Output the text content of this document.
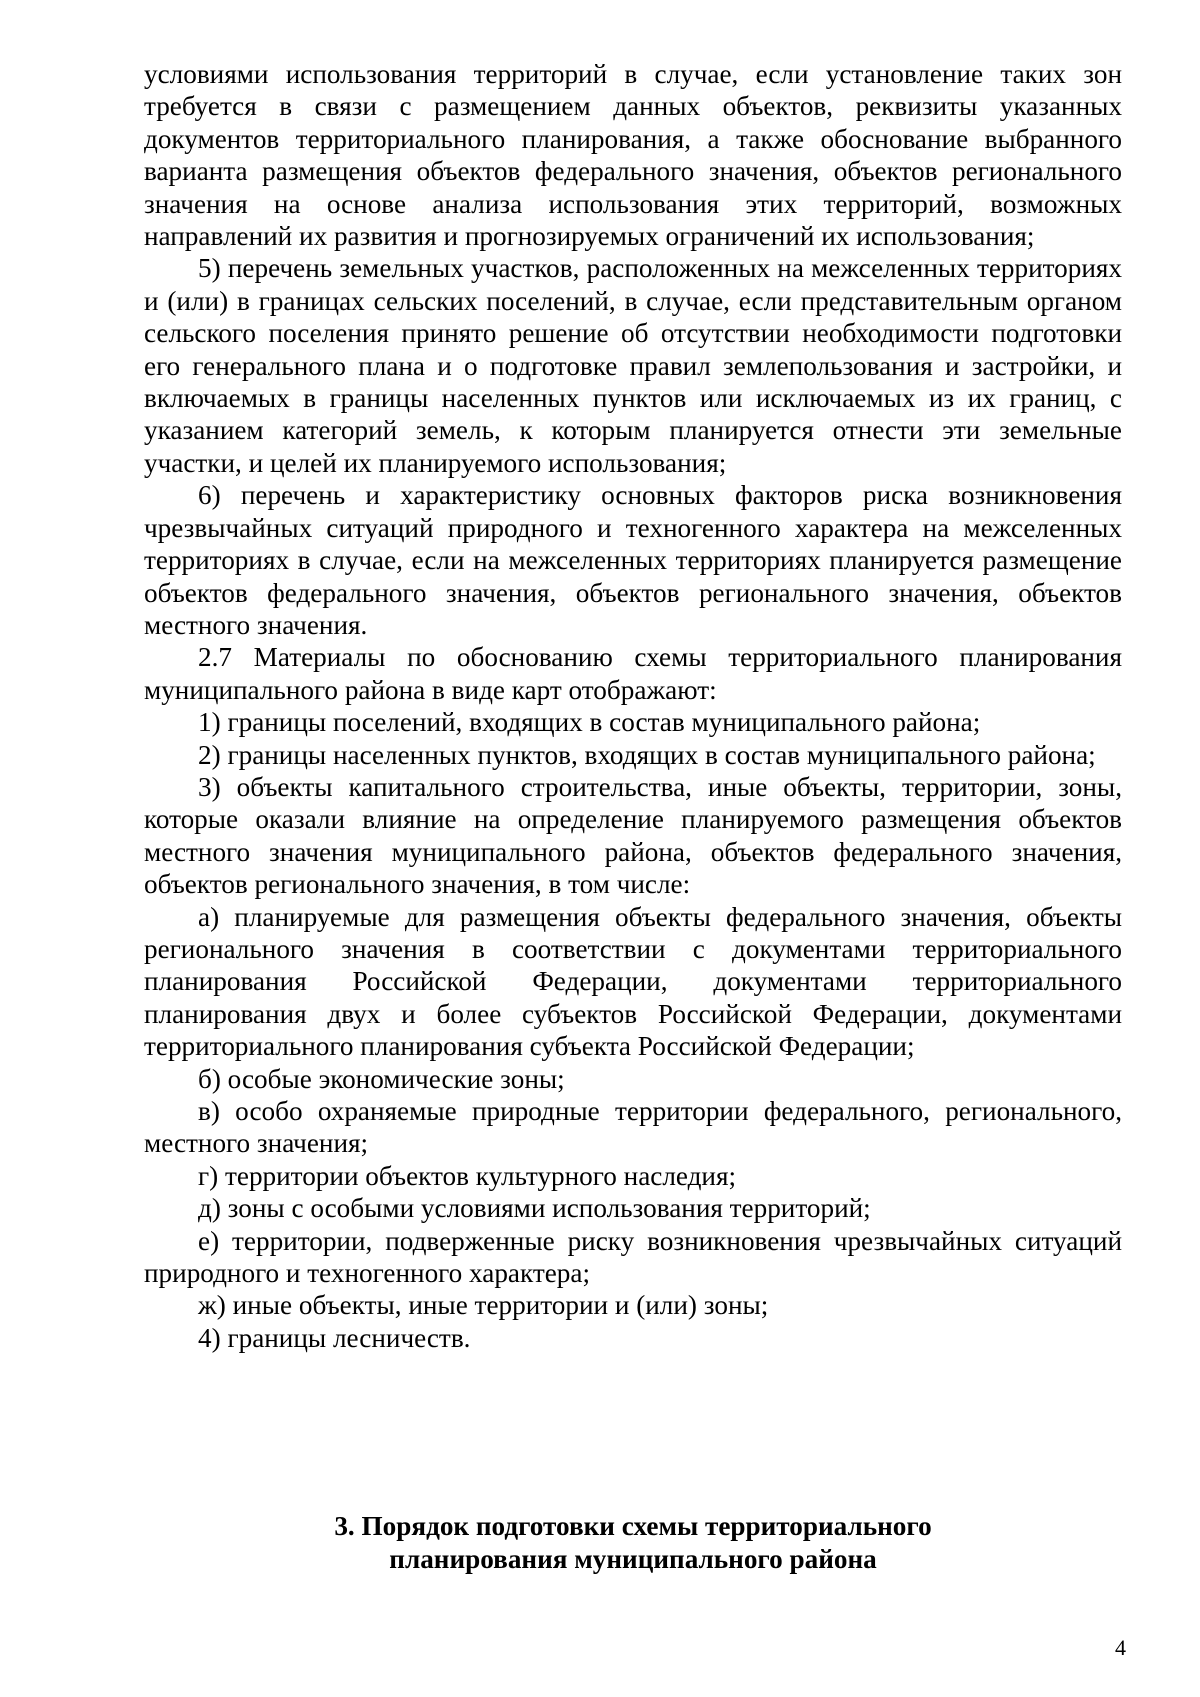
условиями использования территорий в случае, если установление таких зон требуется в связи с размещением данных объектов, реквизиты указанных документов территориального планирования, а также обоснование выбранного варианта размещения объектов федерального значения, объектов регионального значения на основе анализа использования этих территорий, возможных направлений их развития и прогнозируемых ограничений их использования;

5) перечень земельных участков, расположенных на межселенных территориях и (или) в границах сельских поселений, в случае, если представительным органом сельского поселения принято решение об отсутствии необходимости подготовки его генерального плана и о подготовке правил землепользования и застройки, и включаемых в границы населенных пунктов или исключаемых из их границ, с указанием категорий земель, к которым планируется отнести эти земельные участки, и целей их планируемого использования;

6) перечень и характеристику основных факторов риска возникновения чрезвычайных ситуаций природного и техногенного характера на межселенных территориях в случае, если на межселенных территориях планируется размещение объектов федерального значения, объектов регионального значения, объектов местного значения.

2.7 Материалы по обоснованию схемы территориального планирования муниципального района в виде карт отображают:

1) границы поселений, входящих в состав муниципального района;

2) границы населенных пунктов, входящих в состав муниципального района;

3) объекты капитального строительства, иные объекты, территории, зоны, которые оказали влияние на определение планируемого размещения объектов местного значения муниципального района, объектов федерального значения, объектов регионального значения, в том числе:

а) планируемые для размещения объекты федерального значения, объекты регионального значения в соответствии с документами территориального планирования Российской Федерации, документами территориального планирования двух и более субъектов Российской Федерации, документами территориального планирования субъекта Российской Федерации;

б) особые экономические зоны;

в) особо охраняемые природные территории федерального, регионального, местного значения;

г) территории объектов культурного наследия;

д) зоны с особыми условиями использования территорий;

е) территории, подверженные риску возникновения чрезвычайных ситуаций природного и техногенного характера;

ж) иные объекты, иные территории и (или) зоны;

4) границы лесничеств.

3. Порядок подготовки схемы территориального
планирования муниципального района
4
